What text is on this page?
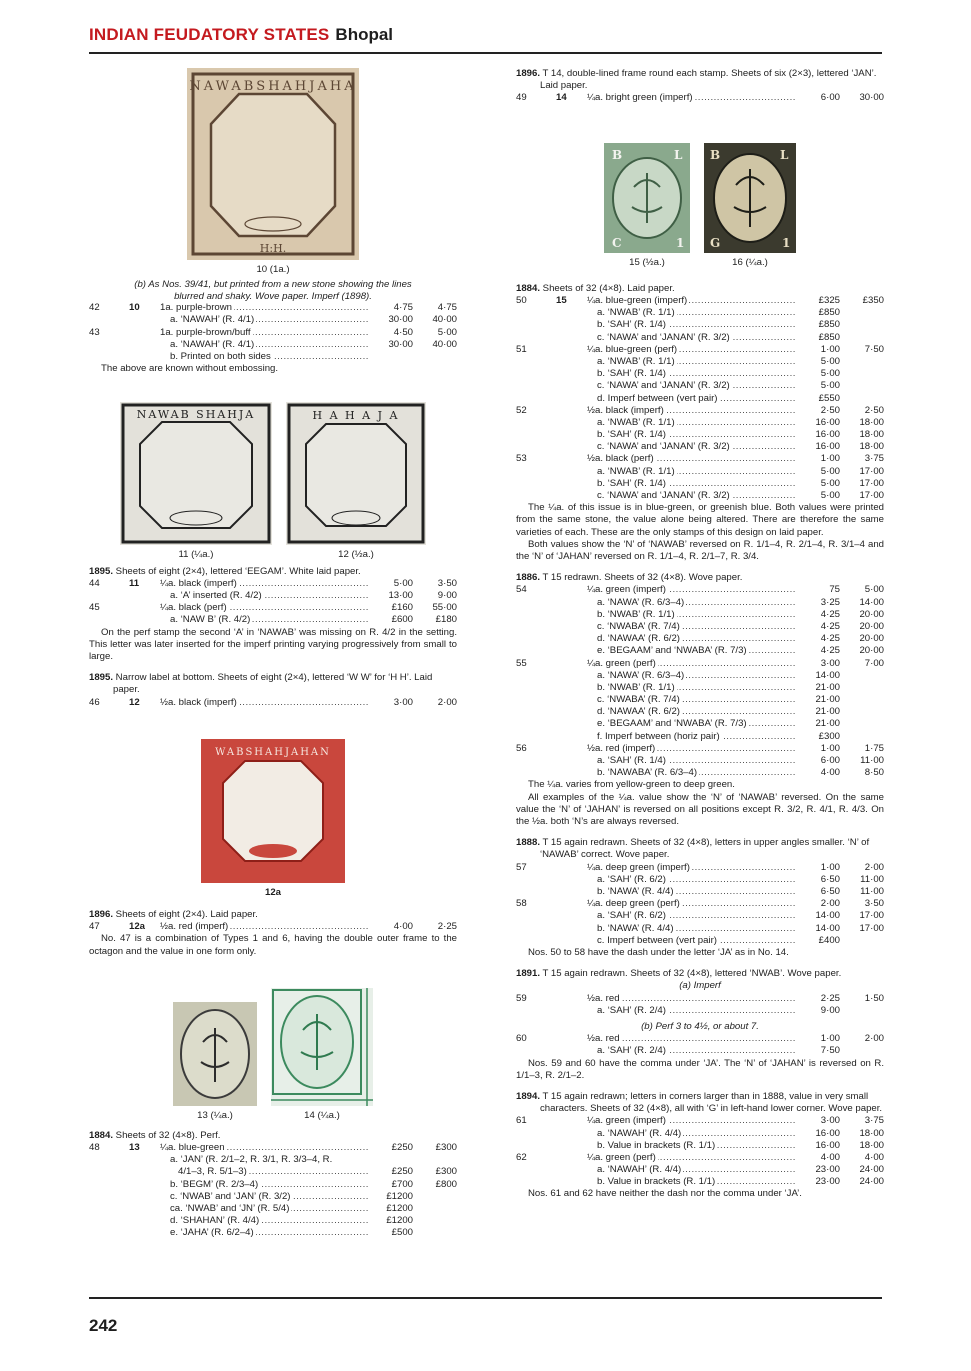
INDIAN FEUDATORY STATES Bhopal
242
NAWABSHAHJAHA
H:H.
10 (1a.)
(b) As Nos. 39/41, but printed from a new stone showing the lines blurred and shaky. Wove paper. Imperf (1898).
42	10	1a. purple-brown .....	4·75	4·75
a. ‘NAWAH’ (R. 4/1) .....	30·00	40·00
43	1a. purple-brown/buff .....	4·50	5·00
a. ‘NAWAH’ (R. 4/1) .....	30·00	40·00
b. Printed on both sides .....
The above are known without embossing.
NAWAB SHAHJA
11 (¼a.)
H A H A J A
12 (½a.)
1895. Sheets of eight (2×4), lettered ‘EEGAM’. White laid paper.
44	11	¼a. black (imperf) .....	5·00	3·50
a. ‘A’ inserted (R. 4/2) .....	13·00	9·00
45	¼a. black (perf) .....	£160	55·00
a. ‘NAW B’ (R. 4/2) .....	£600	£180
On the perf stamp the second ‘A’ in ‘NAWAB’ was missing on R. 4/2 in the setting. This letter was later inserted for the imperf printing varying progressively from small to large.
1895. Narrow label at bottom. Sheets of eight (2×4), lettered ‘W W’ for ‘H H’. Laid paper.
46	12	½a. black (imperf) .....	3·00	2·00
WABSHAHJAHAN
12a
1896. Sheets of eight (2×4). Laid paper.
47	12a	½a. red (imperf) .....	4·00	2·25
No. 47 is a combination of Types 1 and 6, having the double outer frame to the octagon and the value in one form only.
13 (¼a.)	14 (¼a.)
1884. Sheets of 32 (4×8). Perf.
48	13	¼a. blue-green .....	£250	£300
a. ‘JAN’ (R. 2/1–2, R. 3/1, R. 3/3–4, R.
4/1–3, R. 5/1–3) .....	£250	£300
b. ‘BEGM’ (R. 2/3–4) .....	£700	£800
c. ‘NWAB’ and ‘JAN’ (R. 3/2) .....	£1200
ca. ‘NWAB’ and ‘JN’ (R. 5/4) .....	£1200
d. ‘SHAHAN’ (R. 4/4) .....	£1200
e. ‘JAHA’ (R. 6/2–4) .....	£500
1896. T 14, double-lined frame round each stamp. Sheets of six (2×3), lettered ‘JAN’. Laid paper.
49	14	¼a. bright green (imperf) .....	6·00	30·00
B	L
C	1
15 (½a.)
B	L
G	1
16 (¼a.)
1884. Sheets of 32 (4×8). Laid paper.
50	15	¼a. blue-green (imperf) .....	£325	£350
a. ‘NWAB’ (R. 1/1) .....	£850
b. ‘SAH’ (R. 1/4) .....	£850
c. ‘NAWA’ and ‘JANAN’ (R. 3/2) .....	£850
51	¼a. blue-green (perf) .....	1·00	7·50
a. ‘NWAB’ (R. 1/1) .....	5·00
b. ‘SAH’ (R. 1/4) .....	5·00
c. ‘NAWA’ and ‘JANAN’ (R. 3/2) .....	5·00
d. Imperf between (vert pair) .....	£550
52	½a. black (imperf) .....	2·50	2·50
a. ‘NWAB’ (R. 1/1) .....	16·00	18·00
b. ‘SAH’ (R. 1/4) .....	16·00	18·00
c. ‘NAWA’ and ‘JANAN’ (R. 3/2) .....	16·00	18·00
53	½a. black (perf) .....	1·00	3·75
a. ‘NWAB’ (R. 1/1) .....	5·00	17·00
b. ‘SAH’ (R. 1/4) .....	5·00	17·00
c. ‘NAWA’ and ‘JANAN’ (R. 3/2) .....	5·00	17·00
The ¼a. of this issue is in blue-green, or greenish blue. Both values were printed from the same stone, the value alone being altered. There are therefore the same varieties of each. These are the only stamps of this design on laid paper.
Both values show the ‘N’ of ‘NAWAB’ reversed on R. 1/1–4, R. 2/1–4, R. 3/1–4 and the ‘N’ of ‘JAHAN’ reversed on R. 1/1–4, R. 2/1–7, R. 3/4.
1886. T 15 redrawn. Sheets of 32 (4×8). Wove paper.
54	¼a. green (imperf) .....	75	5·00
a. ‘NAWA’ (R. 6/3–4) .....	3·25	14·00
b. ‘NWAB’ (R. 1/1) .....	4·25	20·00
c. ‘NWABA’ (R. 7/4) .....	4·25	20·00
d. ‘NAWAA’ (R. 6/2) .....	4·25	20·00
e. ‘BEGAAM’ and ‘NWABA’ (R. 7/3) .....	4·25	20·00
55	¼a. green (perf) .....	3·00	7·00
a. ‘NAWA’ (R. 6/3–4) .....	14·00
b. ‘NWAB’ (R. 1/1) .....	21·00
c. ‘NWABA’ (R. 7/4) .....	21·00
d. ‘NAWAA’ (R. 6/2) .....	21·00
e. ‘BEGAAM’ and ‘NWABA’ (R. 7/3) .....	21·00
f. Imperf between (horiz pair) .....	£300
56	½a. red (imperf) .....	1·00	1·75
a. ‘SAH’ (R. 1/4) .....	6·00	11·00
b. ‘NAWABA’ (R. 6/3–4) .....	4·00	8·50
The ¼a. varies from yellow-green to deep green.
All examples of the ¼a. value show the ‘N’ of ‘NAWAB’ reversed. On the same value the ‘N’ of ‘JAHAN’ is reversed on all positions except R. 3/2, R. 4/1, R. 4/3. On the ½a. both ‘N’s are always reversed.
1888. T 15 again redrawn. Sheets of 32 (4×8), letters in upper angles smaller. ‘N’ of ‘NAWAB’ correct. Wove paper.
57	¼a. deep green (imperf) .....	1·00	2·00
a. ‘SAH’ (R. 6/2) .....	6·50	11·00
b. ‘NAWA’ (R. 4/4) .....	6·50	11·00
58	¼a. deep green (perf) .....	2·00	3·50
a. ‘SAH’ (R. 6/2) .....	14·00	17·00
b. ‘NAWA’ (R. 4/4) .....	14·00	17·00
c. Imperf between (vert pair) .....	£400
Nos. 50 to 58 have the dash under the letter ‘JA’ as in No. 14.
1891. T 15 again redrawn. Sheets of 32 (4×8), lettered ‘NWAB’. Wove paper.
(a) Imperf
59	½a. red .....	2·25	1·50
a. ‘SAH’ (R. 2/4) .....	9·00
(b) Perf 3 to 4½, or about 7.
60	½a. red .....	1·00	2·00
a. ‘SAH’ (R. 2/4) .....	7·50
Nos. 59 and 60 have the comma under ‘JA’. The ‘N’ of ‘JAHAN’ is reversed on R. 1/1–3, R. 2/1–2.
1894. T 15 again redrawn; letters in corners larger than in 1888, value in very small characters. Sheets of 32 (4×8), all with ‘G’ in left-hand lower corner. Wove paper.
61	¼a. green (imperf) .....	3·00	3·75
a. ‘NAWAH’ (R. 4/4) .....	16·00	18·00
b. Value in brackets (R. 1/1) .....	16·00	18·00
62	¼a. green (perf) .....	4·00	4·00
a. ‘NAWAH’ (R. 4/4) .....	23·00	24·00
b. Value in brackets (R. 1/1) .....	23·00	24·00
Nos. 61 and 62 have neither the dash nor the comma under ‘JA’.
